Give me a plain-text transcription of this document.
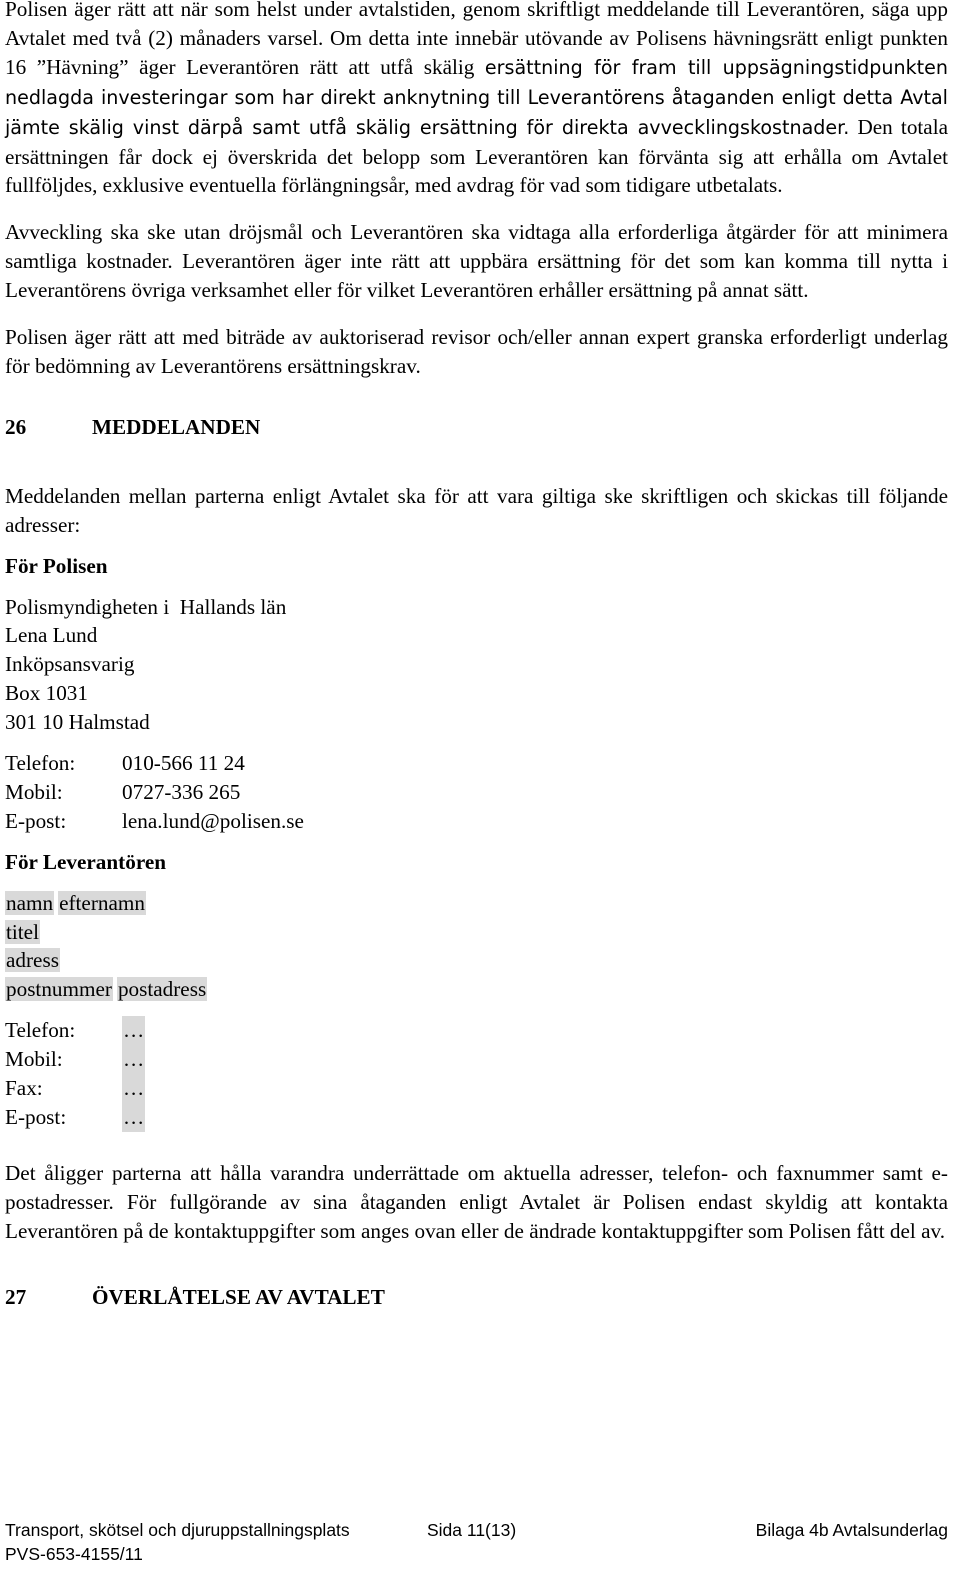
Polisen äger rätt att när som helst under avtalstiden, genom skriftligt meddelande till Leverantören, säga upp Avtalet med två (2) månaders varsel. Om detta inte innebär utövande av Polisens hävningsrätt enligt punkten 16 ”Hävning” äger Leverantören rätt att utfå skälig ersättning för fram till uppsägningstidpunkten nedlagda investeringar som har direkt anknytning till Leverantörens åtaganden enligt detta Avtal jämte skälig vinst därpå samt utfå skälig ersättning för direkta avvecklingskostnader. Den totala ersättningen får dock ej överskrida det belopp som Leverantören kan förvänta sig att erhålla om Avtalet fullföljdes, exklusive eventuella förlängningsår, med avdrag för vad som tidigare utbetalats.

Avveckling ska ske utan dröjsmål och Leverantören ska vidtaga alla erforderliga åtgärder för att minimera samtliga kostnader. Leverantören äger inte rätt att uppbära ersättning för det som kan komma till nytta i Leverantörens övriga verksamhet eller för vilket Leverantören erhåller ersättning på annat sätt.

Polisen äger rätt att med biträde av auktoriserad revisor och/eller annan expert granska erforderligt underlag för bedömning av Leverantörens ersättningskrav.

26	MEDDELANDEN

Meddelanden mellan parterna enligt Avtalet ska för att vara giltiga ske skriftligen och skickas till följande adresser:

För Polisen

Polismyndigheten i  Hallands län

Lena Lund

Inköpsansvarig

Box 1031

301 10 Halmstad

Telefon:	010-566 11 24
Mobil:	0727-336 265
E-post:	lena.lund@polisen.se

För Leverantören

namn efternamn

titel

adress

postnummer postadress

Telefon:	…
Mobil:	…
Fax:	…
E-post:	…

Det åligger parterna att hålla varandra underrättade om aktuella adresser, telefon- och faxnummer samt e-postadresser. För fullgörande av sina åtaganden enligt Avtalet är Polisen endast skyldig att kontakta Leverantören på de kontaktuppgifter som anges ovan eller de ändrade kontaktuppgifter som Polisen fått del av.

27	ÖVERLÅTELSE AV AVTALET
Transport, skötsel och djuruppstallningsplats	Sida 11(13)	Bilaga 4b Avtalsunderlag
PVS-653-4155/11
